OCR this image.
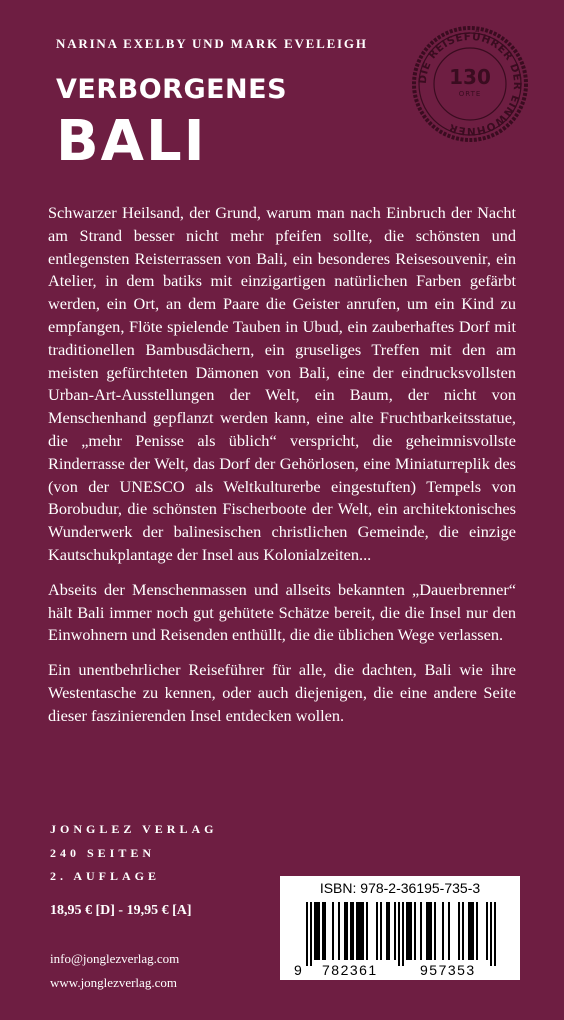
NARINA EXELBY UND MARK EVELEIGH
VERBORGENES
BALI
DIE REISEFÜHRER DER EINWOHNER
130
ORTE

Schwarzer Heilsand, der Grund, warum man nach Einbruch der Nacht am Strand besser nicht mehr pfeifen sollte, die schönsten und entlegensten Reisterrassen von Bali, ein besonderes Reisesouvenir, ein Atelier, in dem batiks mit einzigartigen natürlichen Farben gefärbt werden, ein Ort, an dem Paare die Geister anrufen, um ein Kind zu empfangen, Flöte spielende Tauben in Ubud, ein zauberhaftes Dorf mit traditionellen Bambusdächern, ein gruseliges Treffen mit den am meisten gefürchteten Dämonen von Bali, eine der eindrucksvollsten Urban-Art-Ausstellungen der Welt, ein Baum, der nicht von Menschenhand gepflanzt werden kann, eine alte Fruchtbarkeitsstatue, die „mehr Penisse als üblich“ verspricht, die geheimnisvollste Rinderrasse der Welt, das Dorf der Gehörlosen, eine Miniaturreplik des (von der UNESCO als Weltkulturerbe eingestuften) Tempels von Borobudur, die schönsten Fischerboote der Welt, ein architektonisches Wunderwerk der balinesischen christlichen Gemeinde, die einzige Kautschukplantage der Insel aus Kolonialzeiten...

Abseits der Menschenmassen und allseits bekannten „Dauerbrenner“ hält Bali immer noch gut gehütete Schätze bereit, die die Insel nur den Einwohnern und Reisenden enthüllt, die die üblichen Wege verlassen.

Ein unentbehrlicher Reiseführer für alle, die dachten, Bali wie ihre Westentasche zu kennen, oder auch diejenigen, die eine andere Seite dieser faszinierenden Insel entdecken wollen.

JONGLEZ VERLAG
240 SEITEN
2. AUFLAGE
18,95 € [D] - 19,95 € [A]
info@jonglezverlag.com
www.jonglezverlag.com
ISBN: 978-2-36195-735-3
9 782361	957353
